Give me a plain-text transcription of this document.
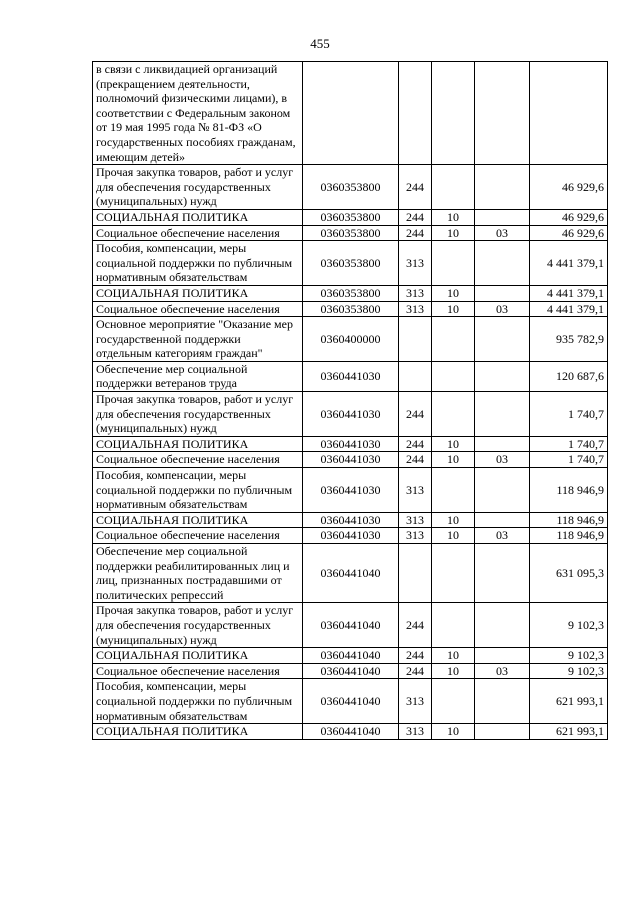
455
в связи с ликвидацией организаций (прекращением деятельности, полномочий физическими лицами), в соответствии с Федеральным законом от 19 мая 1995 года № 81-ФЗ «О государственных пособиях гражданам, имеющим детей»					
Прочая закупка товаров, работ и услуг для обеспечения государственных (муниципальных) нужд	0360353800	244			46 929,6
СОЦИАЛЬНАЯ ПОЛИТИКА	0360353800	244	10		46 929,6
Социальное обеспечение населения	0360353800	244	10	03	46 929,6
Пособия, компенсации, меры социальной поддержки по публичным нормативным обязательствам	0360353800	313			4 441 379,1
СОЦИАЛЬНАЯ ПОЛИТИКА	0360353800	313	10		4 441 379,1
Социальное обеспечение населения	0360353800	313	10	03	4 441 379,1
Основное мероприятие "Оказание мер государственной поддержки отдельным категориям граждан"	0360400000				935 782,9
Обеспечение мер социальной поддержки ветеранов труда	0360441030				120 687,6
Прочая закупка товаров, работ и услуг для обеспечения государственных (муниципальных) нужд	0360441030	244			1 740,7
СОЦИАЛЬНАЯ ПОЛИТИКА	0360441030	244	10		1 740,7
Социальное обеспечение населения	0360441030	244	10	03	1 740,7
Пособия, компенсации, меры социальной поддержки по публичным нормативным обязательствам	0360441030	313			118 946,9
СОЦИАЛЬНАЯ ПОЛИТИКА	0360441030	313	10		118 946,9
Социальное обеспечение населения	0360441030	313	10	03	118 946,9
Обеспечение мер социальной поддержки реабилитированных лиц и лиц, признанных пострадавшими от политических репрессий	0360441040				631 095,3
Прочая закупка товаров, работ и услуг для обеспечения государственных (муниципальных) нужд	0360441040	244			9 102,3
СОЦИАЛЬНАЯ ПОЛИТИКА	0360441040	244	10		9 102,3
Социальное обеспечение населения	0360441040	244	10	03	9 102,3
Пособия, компенсации, меры социальной поддержки по публичным нормативным обязательствам	0360441040	313			621 993,1
СОЦИАЛЬНАЯ ПОЛИТИКА	0360441040	313	10		621 993,1
